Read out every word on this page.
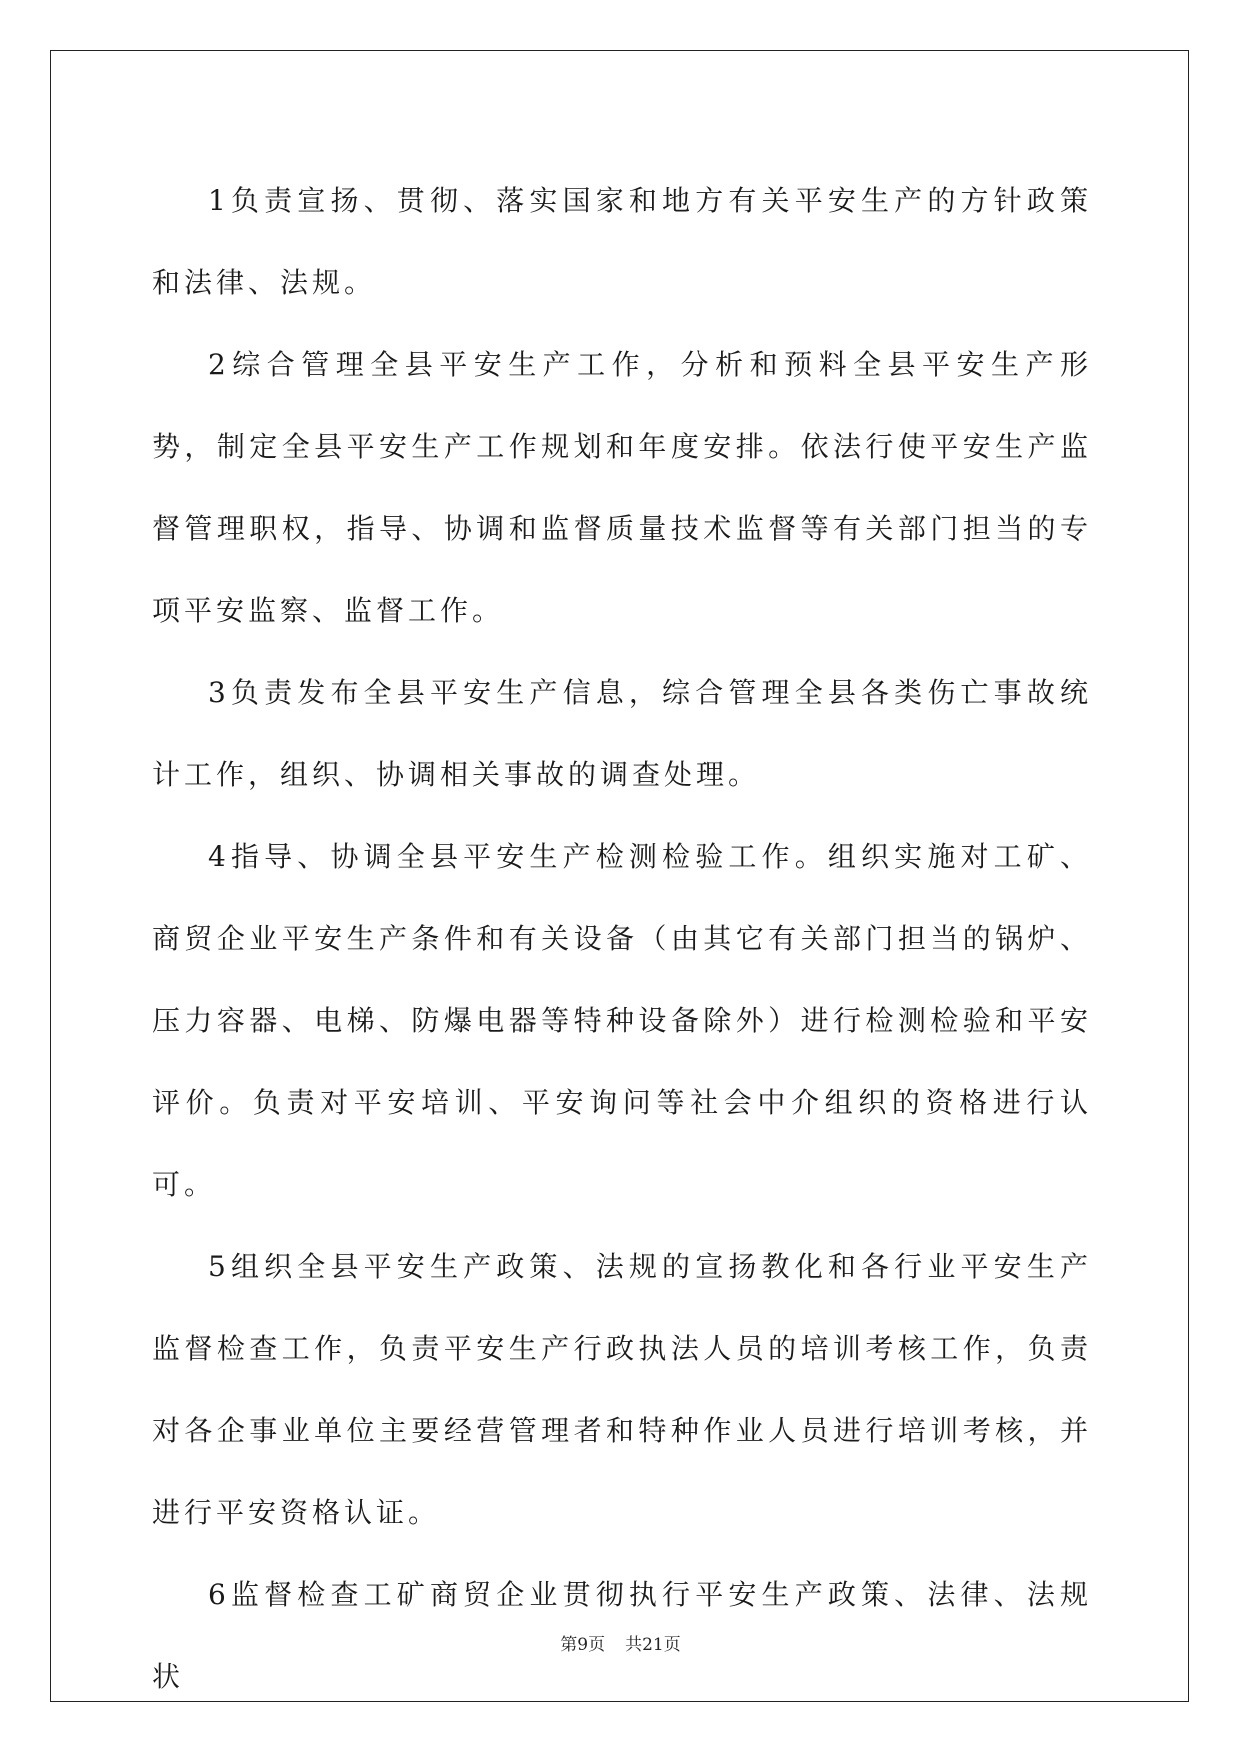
1负责宣扬、贯彻、落实国家和地方有关平安生产的方针政策和法律、法规。

2综合管理全县平安生产工作，分析和预料全县平安生产形势，制定全县平安生产工作规划和年度安排。依法行使平安生产监督管理职权，指导、协调和监督质量技术监督等有关部门担当的专项平安监察、监督工作。

3负责发布全县平安生产信息，综合管理全县各类伤亡事故统计工作，组织、协调相关事故的调查处理。

4指导、协调全县平安生产检测检验工作。组织实施对工矿、商贸企业平安生产条件和有关设备（由其它有关部门担当的锅炉、压力容器、电梯、防爆电器等特种设备除外）进行检测检验和平安评价。负责对平安培训、平安询问等社会中介组织的资格进行认可。

5组织全县平安生产政策、法规的宣扬教化和各行业平安生产监督检查工作，负责平安生产行政执法人员的培训考核工作，负责对各企事业单位主要经营管理者和特种作业人员进行培训考核，并进行平安资格认证。

6监督检查工矿商贸企业贯彻执行平安生产政策、法律、法规状

第9页 共21页
